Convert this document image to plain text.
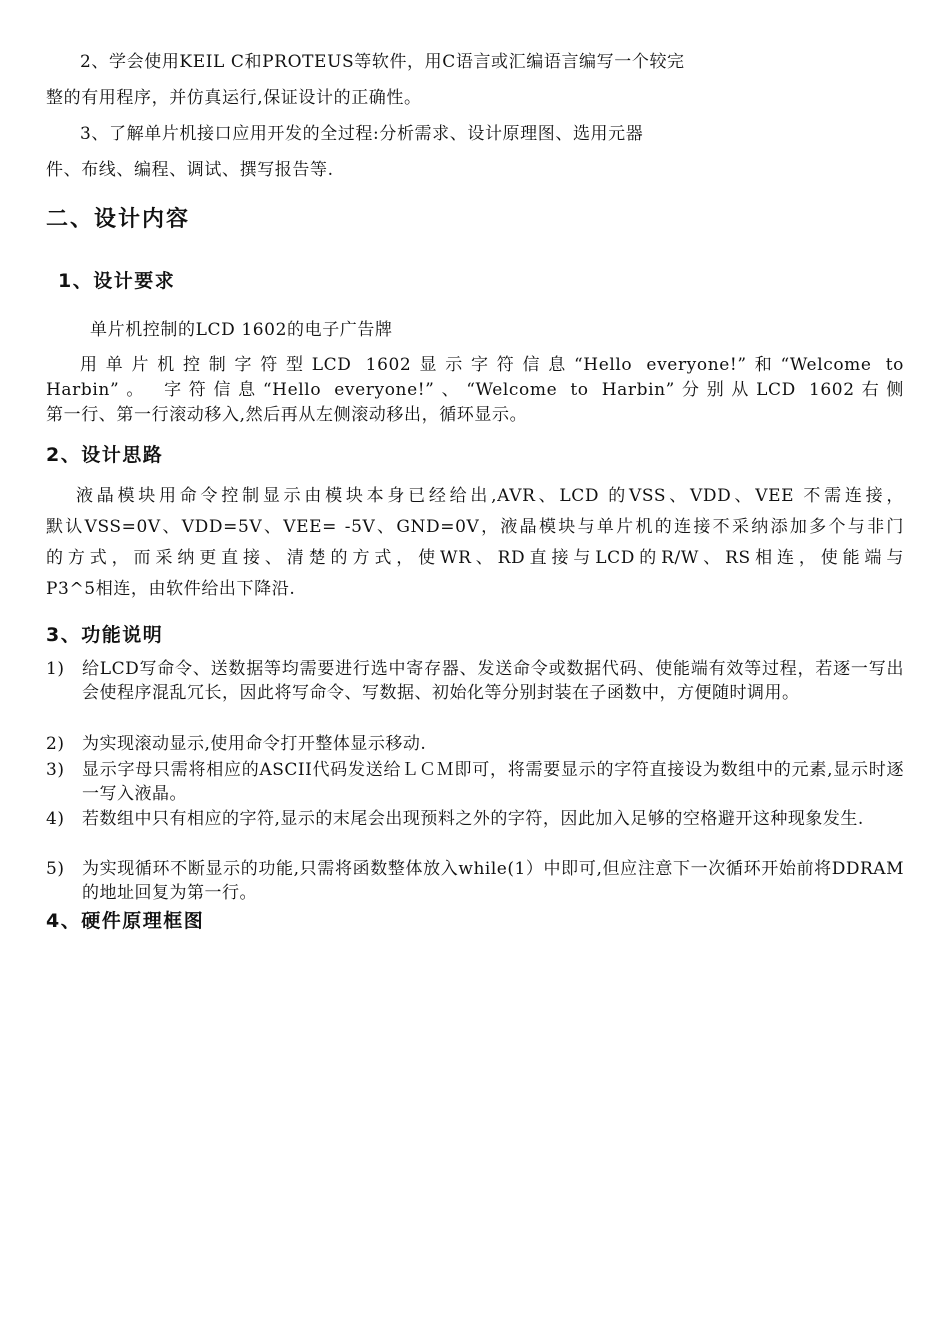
2、学会使用KEIL C和PROTEUS等软件，用C语言或汇编语言编写一个较完

整的有用程序，并仿真运行,保证设计的正确性。

3、了解单片机接口应用开发的全过程:分析需求、设计原理图、选用元器

件、布线、编程、调试、撰写报告等.

二、设计内容
1、设计要求

单片机控制的LCD 1602的电子广告牌

用单片机控制字符型LCD 1602显示字符信息“Hello everyone!”和“Welcome to

Harbin”。 字符信息“Hello everyone!”、“Welcome to Harbin”分别从LCD 1602右侧

第一行、第一行滚动移入,然后再从左侧滚动移出，循环显示。

2、设计思路

液晶模块用命令控制显示由模块本身已经给出,AVR、LCD 的VSS、VDD、VEE 不需连接，

默认VSS=0V、VDD=5V、VEE= -5V、GND=0V，液晶模块与单片机的连接不采纳添加多个与非门

的方式，而采纳更直接、清楚的方式，使WR、RD直接与LCD的R/W、RS相连，使能端与

P3^5相连，由软件给出下降沿.

3、功能说明
1)	给LCD写命令、送数据等均需要进行选中寄存器、发送命令或数据代码、使能端有效等过程，若逐一写出会使程序混乱冗长，因此将写命令、写数据、初始化等分别封装在子函数中，方便随时调用。
2)	为实现滚动显示,使用命令打开整体显示移动.
3)	显示字母只需将相应的ASCII代码发送给ＬＣＭ即可，将需要显示的字符直接设为数组中的元素,显示时逐一写入液晶。
4)	若数组中只有相应的字符,显示的末尾会出现预料之外的字符，因此加入足够的空格避开这种现象发生.
5)	为实现循环不断显示的功能,只需将函数整体放入while(1）中即可,但应注意下一次循环开始前将DDRAM的地址回复为第一行。
4、硬件原理框图
